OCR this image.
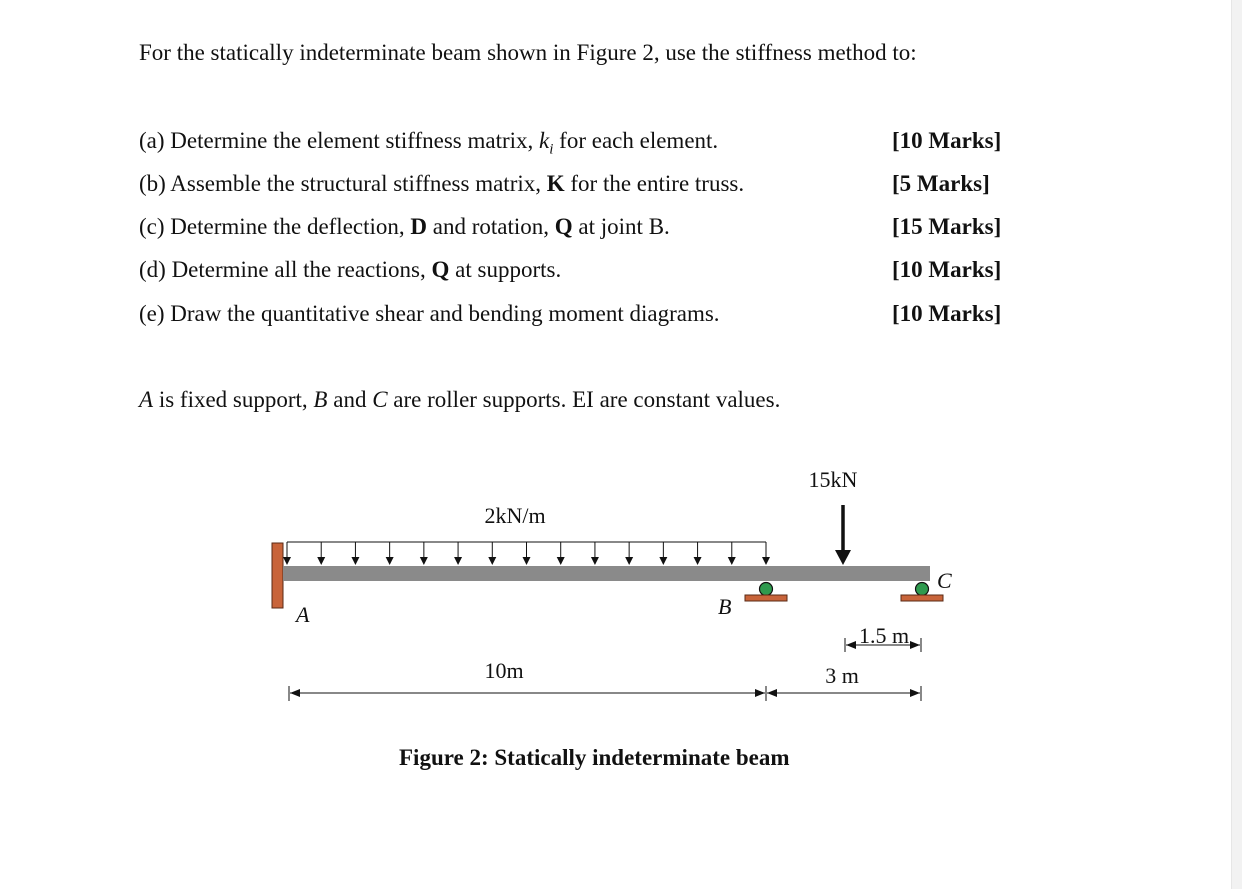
For the statically indeterminate beam shown in Figure 2, use the stiffness method to:
(a) Determine the element stiffness matrix, $k_i$ for each element.	[10 Marks]
(b) Assemble the structural stiffness matrix, K for the entire truss.	[5 Marks]
(c) Determine the deflection, D and rotation, Q at joint B.	[15 Marks]
(d) Determine all the reactions, Q at supports.	[10 Marks]
(e) Draw the quantitative shear and bending moment diagrams.	[10 Marks]
A is fixed support, B and C are roller supports. EI are constant values.
2kN/m
15kN
A	B
C
1.5 m
10m	3 m
Figure 2: Statically indeterminate beam
